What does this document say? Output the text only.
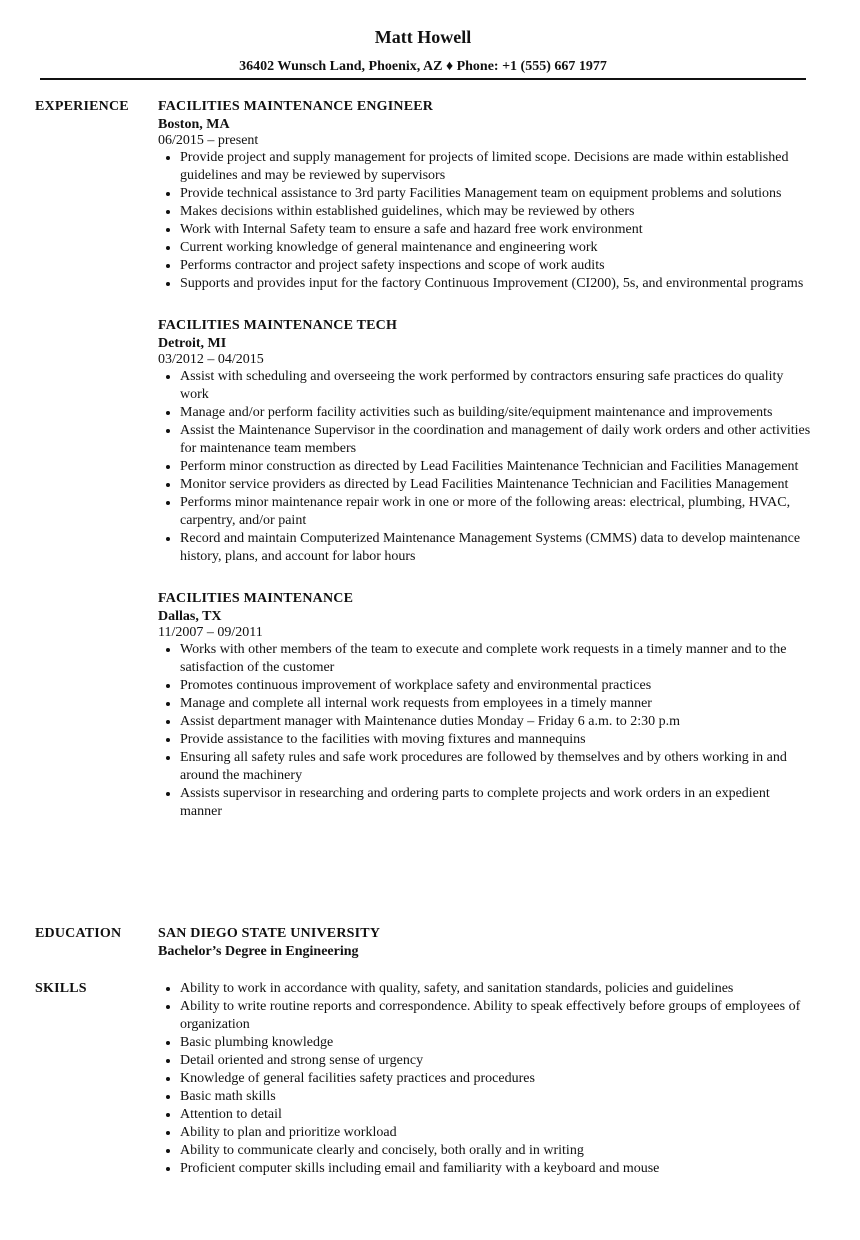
Matt Howell
36402 Wunsch Land, Phoenix, AZ ♦ Phone: +1 (555) 667 1977
EXPERIENCE FACILITIES MAINTENANCE ENGINEER
Boston, MA
06/2015 – present
• Provide project and supply management for projects of limited scope. Decisions are made within established guidelines and may be reviewed by supervisors
• Provide technical assistance to 3rd party Facilities Management team on equipment problems and solutions
• Makes decisions within established guidelines, which may be reviewed by others
• Work with Internal Safety team to ensure a safe and hazard free work environment
• Current working knowledge of general maintenance and engineering work
• Performs contractor and project safety inspections and scope of work audits
• Supports and provides input for the factory Continuous Improvement (CI200), 5s, and environmental programs
FACILITIES MAINTENANCE TECH
Detroit, MI
03/2012 – 04/2015
• Assist with scheduling and overseeing the work performed by contractors ensuring safe practices do quality work
• Manage and/or perform facility activities such as building/site/equipment maintenance and improvements
• Assist the Maintenance Supervisor in the coordination and management of daily work orders and other activities for maintenance team members
• Perform minor construction as directed by Lead Facilities Maintenance Technician and Facilities Management
• Monitor service providers as directed by Lead Facilities Maintenance Technician and Facilities Management
• Performs minor maintenance repair work in one or more of the following areas: electrical, plumbing, HVAC, carpentry, and/or paint
• Record and maintain Computerized Maintenance Management Systems (CMMS) data to develop maintenance history, plans, and account for labor hours
FACILITIES MAINTENANCE
Dallas, TX
11/2007 – 09/2011
• Works with other members of the team to execute and complete work requests in a timely manner and to the satisfaction of the customer
• Promotes continuous improvement of workplace safety and environmental practices
• Manage and complete all internal work requests from employees in a timely manner
• Assist department manager with Maintenance duties Monday – Friday 6 a.m. to 2:30 p.m
• Provide assistance to the facilities with moving fixtures and mannequins
• Ensuring all safety rules and safe work procedures are followed by themselves and by others working in and around the machinery
• Assists supervisor in researching and ordering parts to complete projects and work orders in an expedient manner
EDUCATION	SAN DIEGO STATE UNIVERSITY
Bachelor’s Degree in Engineering
SKILLS
•	Ability to work in accordance with quality, safety, and sanitation standards, policies and guidelines
• Ability to write routine reports and correspondence. Ability to speak effectively before groups of employees of organization
• Basic plumbing knowledge
• Detail oriented and strong sense of urgency
• Knowledge of general facilities safety practices and procedures
• Basic math skills
• Attention to detail
• Ability to plan and prioritize workload
• Ability to communicate clearly and concisely, both orally and in writing
• Proficient computer skills including email and familiarity with a keyboard and mouse
